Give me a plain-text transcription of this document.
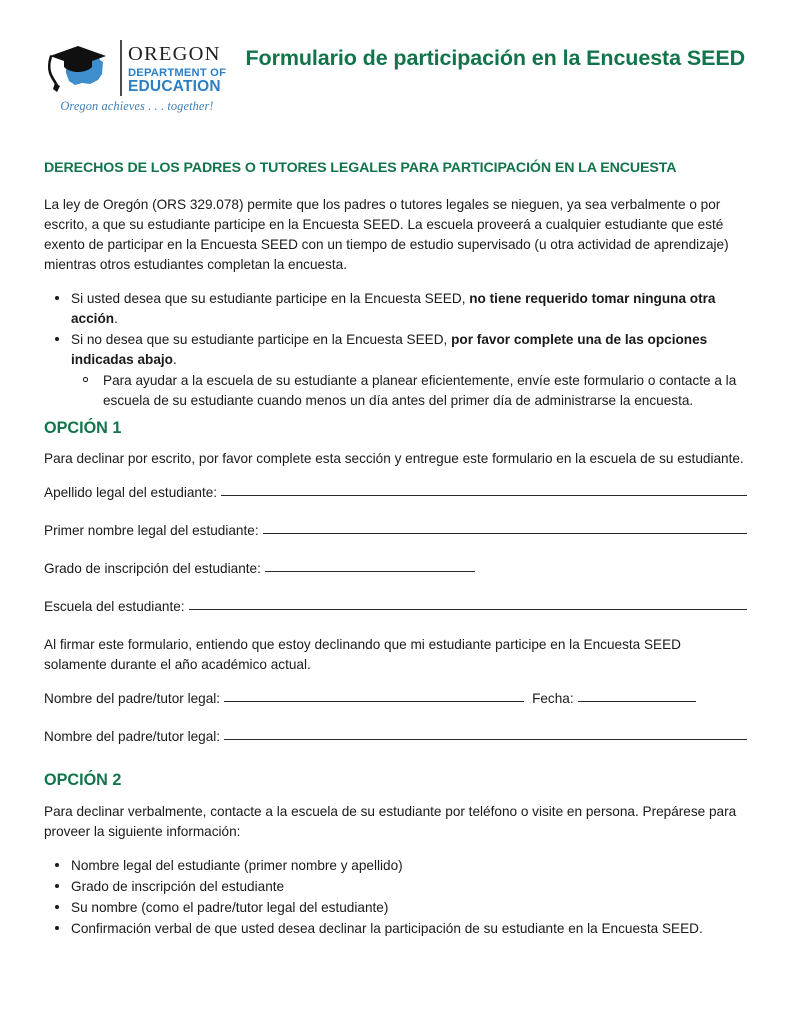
OREGON
DEPARTMENT OF
EDUCATION
Oregon achieves . . . together!
Formulario de participación en la Encuesta SEED
DERECHOS DE LOS PADRES O TUTORES LEGALES PARA PARTICIPACIÓN EN LA ENCUESTA

La ley de Oregón (ORS 329.078) permite que los padres o tutores legales se nieguen, ya sea verbalmente o por escrito, a que su estudiante participe en la Encuesta SEED. La escuela proveerá a cualquier estudiante que esté exento de participar en la Encuesta SEED con un tiempo de estudio supervisado (u otra actividad de aprendizaje) mientras otros estudiantes completan la encuesta.

Si usted desea que su estudiante participe en la Encuesta SEED, no tiene requerido tomar ninguna otra acción.
Si no desea que su estudiante participe en la Encuesta SEED, por favor complete una de las opciones indicadas abajo.
Para ayudar a la escuela de su estudiante a planear eficientemente, envíe este formulario o contacte a la escuela de su estudiante cuando menos un día antes del primer día de administrarse la encuesta.
OPCIÓN 1

Para declinar por escrito, por favor complete esta sección y entregue este formulario en la escuela de su estudiante.

Apellido legal del estudiante:
Primer nombre legal del estudiante:
Grado de inscripción del estudiante:
Escuela del estudiante:

Al firmar este formulario, entiendo que estoy declinando que mi estudiante participe en la Encuesta SEED solamente durante el año académico actual.

Nombre del padre/tutor legal:	Fecha:
Nombre del padre/tutor legal:
OPCIÓN 2

Para declinar verbalmente, contacte a la escuela de su estudiante por teléfono o visite en persona. Prepárese para proveer la siguiente información:

Nombre legal del estudiante (primer nombre y apellido)
Grado de inscripción del estudiante
Su nombre (como el padre/tutor legal del estudiante)
Confirmación verbal de que usted desea declinar la participación de su estudiante en la Encuesta SEED.
